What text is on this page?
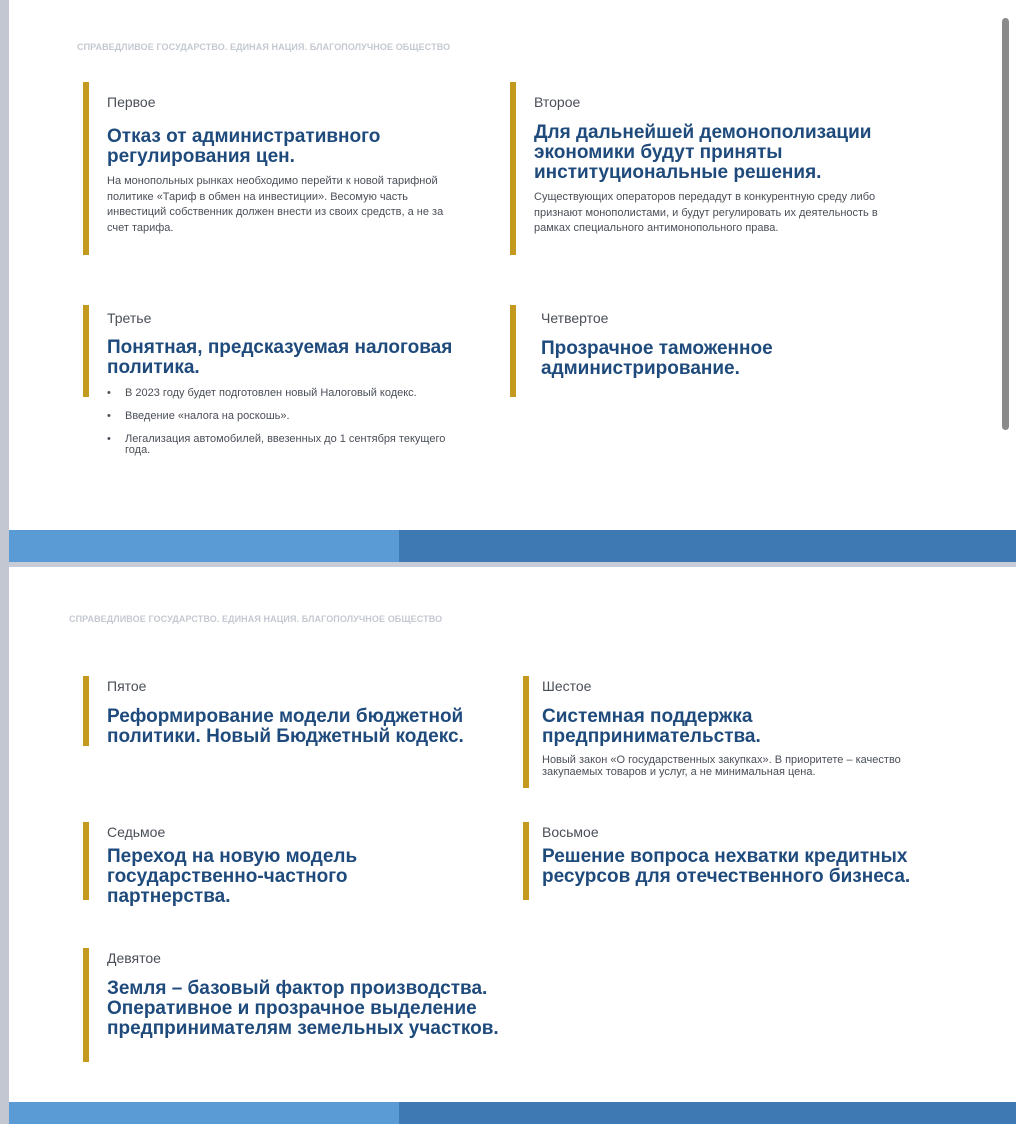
СПРАВЕДЛИВОЕ ГОСУДАРСТВО. ЕДИНАЯ НАЦИЯ. БЛАГОПОЛУЧНОЕ ОБЩЕСТВО
Первое
Отказ от административного регулирования цен.
На монопольных рынках необходимо перейти к новой тарифной политике «Тариф в обмен на инвестиции». Весомую часть инвестиций собственник должен внести из своих средств, а не за счет тарифа.
Второе
Для дальнейшей демонополизации экономики будут приняты институциональные решения.
Существующих операторов передадут в конкурентную среду либо признают монополистами, и будут регулировать их деятельность в рамках специального антимонопольного права.
Третье
Понятная, предсказуемая налоговая политика.
• В 2023 году будет подготовлен новый Налоговый кодекс.
• Введение «налога на роскошь».
• Легализация автомобилей, ввезенных до 1 сентября текущего года.
Четвертое
Прозрачное таможенное администрирование.
СПРАВЕДЛИВОЕ ГОСУДАРСТВО. ЕДИНАЯ НАЦИЯ. БЛАГОПОЛУЧНОЕ ОБЩЕСТВО
Пятое
Реформирование модели бюджетной политики. Новый Бюджетный кодекс.
Шестое
Системная поддержка предпринимательства.
Новый закон «О государственных закупках». В приоритете – качество закупаемых товаров и услуг, а не минимальная цена.
Седьмое
Переход на новую модель государственно-частного партнерства.
Восьмое
Решение вопроса нехватки кредитных ресурсов для отечественного бизнеса.
Девятое
Земля – базовый фактор производства. Оперативное и прозрачное выделение предпринимателям земельных участков.
